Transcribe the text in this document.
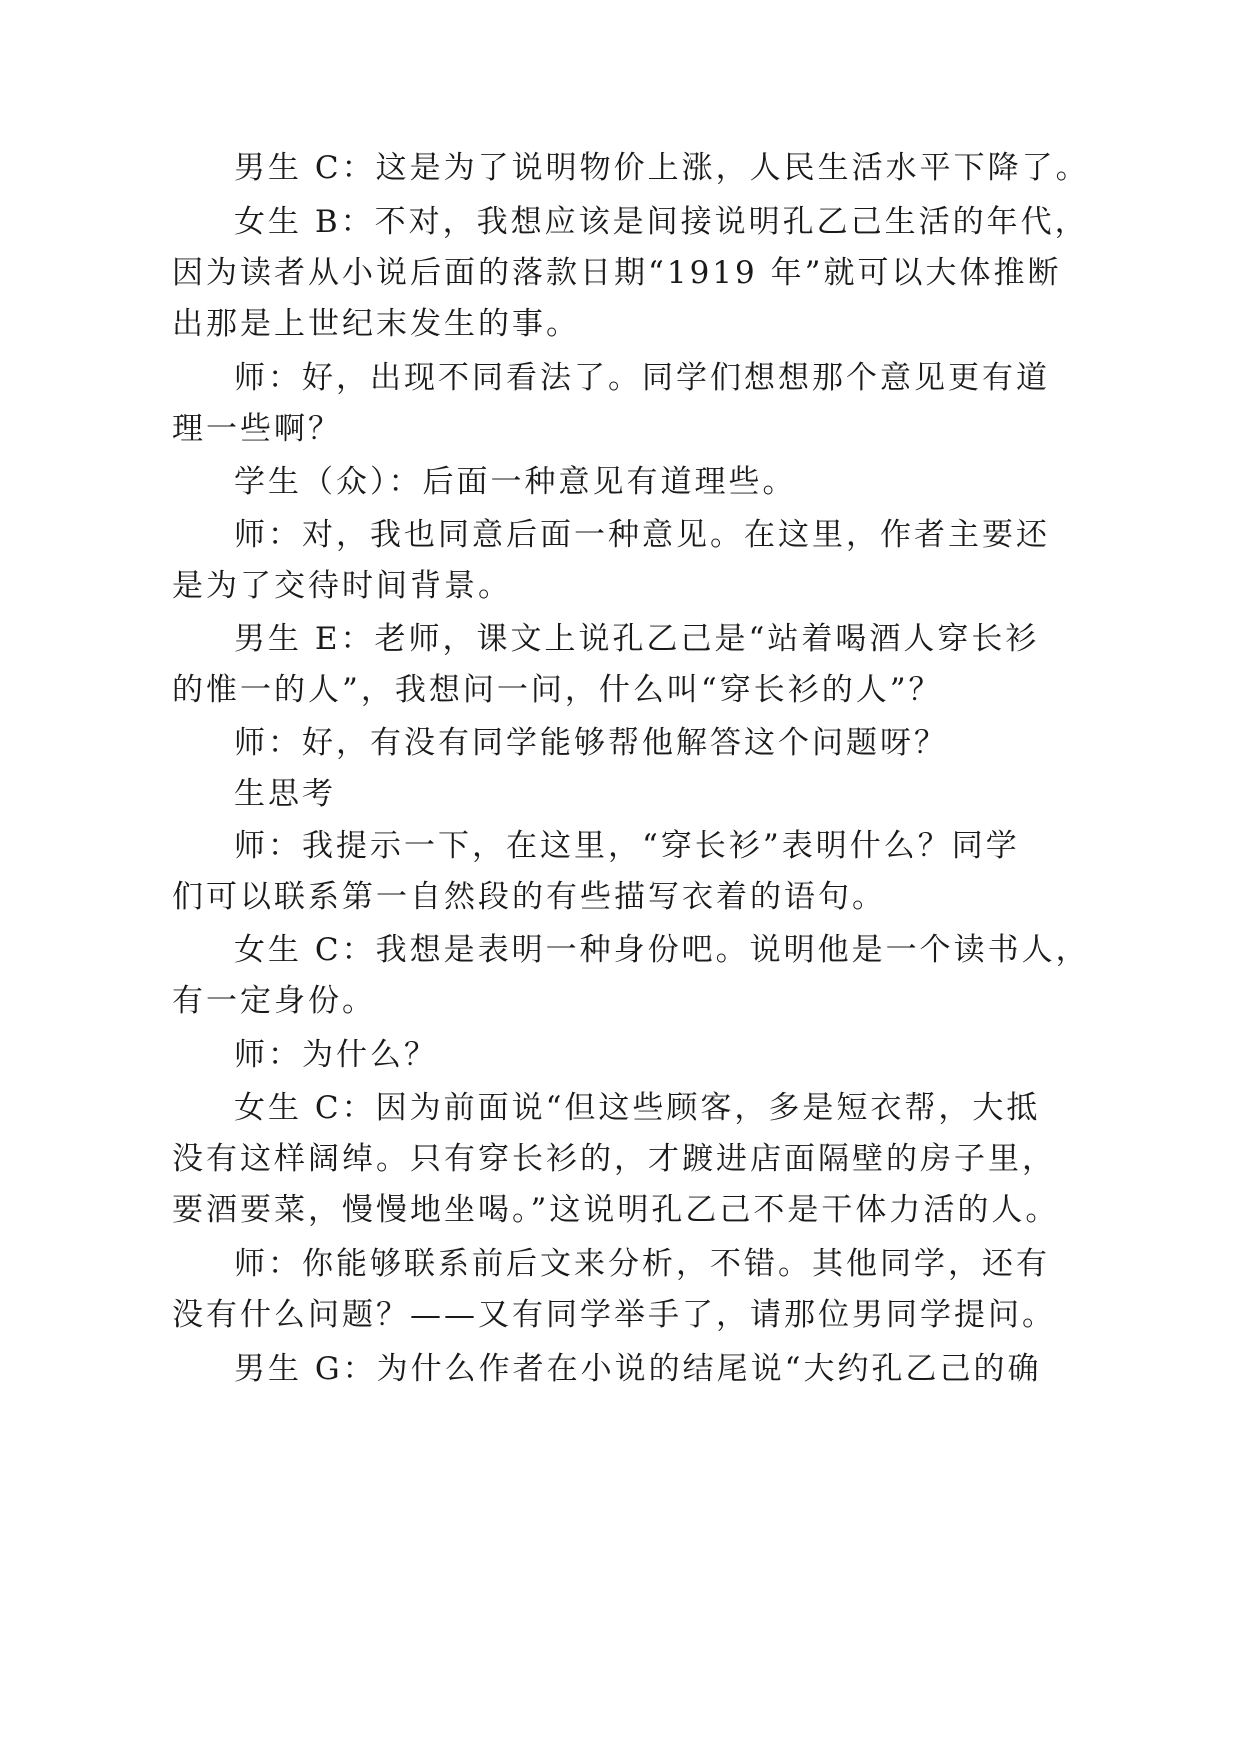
男生 C：这是为了说明物价上涨，人民生活水平下降了。
女生 B：不对，我想应该是间接说明孔乙己生活的年代，
因为读者从小说后面的落款日期“1919 年”就可以大体推断
出那是上世纪末发生的事。
师：好，出现不同看法了。同学们想想那个意见更有道
理一些啊？
学生（众）：后面一种意见有道理些。
师：对，我也同意后面一种意见。在这里，作者主要还
是为了交待时间背景。
男生 E：老师，课文上说孔乙己是“站着喝酒人穿长衫
的惟一的人”，我想问一问，什么叫“穿长衫的人”？
师：好，有没有同学能够帮他解答这个问题呀？
生思考
师：我提示一下，在这里，“穿长衫”表明什么？同学
们可以联系第一自然段的有些描写衣着的语句。
女生 C：我想是表明一种身份吧。说明他是一个读书人，
有一定身份。
师：为什么？
女生 C：因为前面说“但这些顾客，多是短衣帮，大抵
没有这样阔绰。只有穿长衫的，才踱进店面隔壁的房子里，
要酒要菜，慢慢地坐喝。”这说明孔乙己不是干体力活的人。
师：你能够联系前后文来分析，不错。其他同学，还有
没有什么问题？——又有同学举手了，请那位男同学提问。
男生 G：为什么作者在小说的结尾说“大约孔乙己的确
